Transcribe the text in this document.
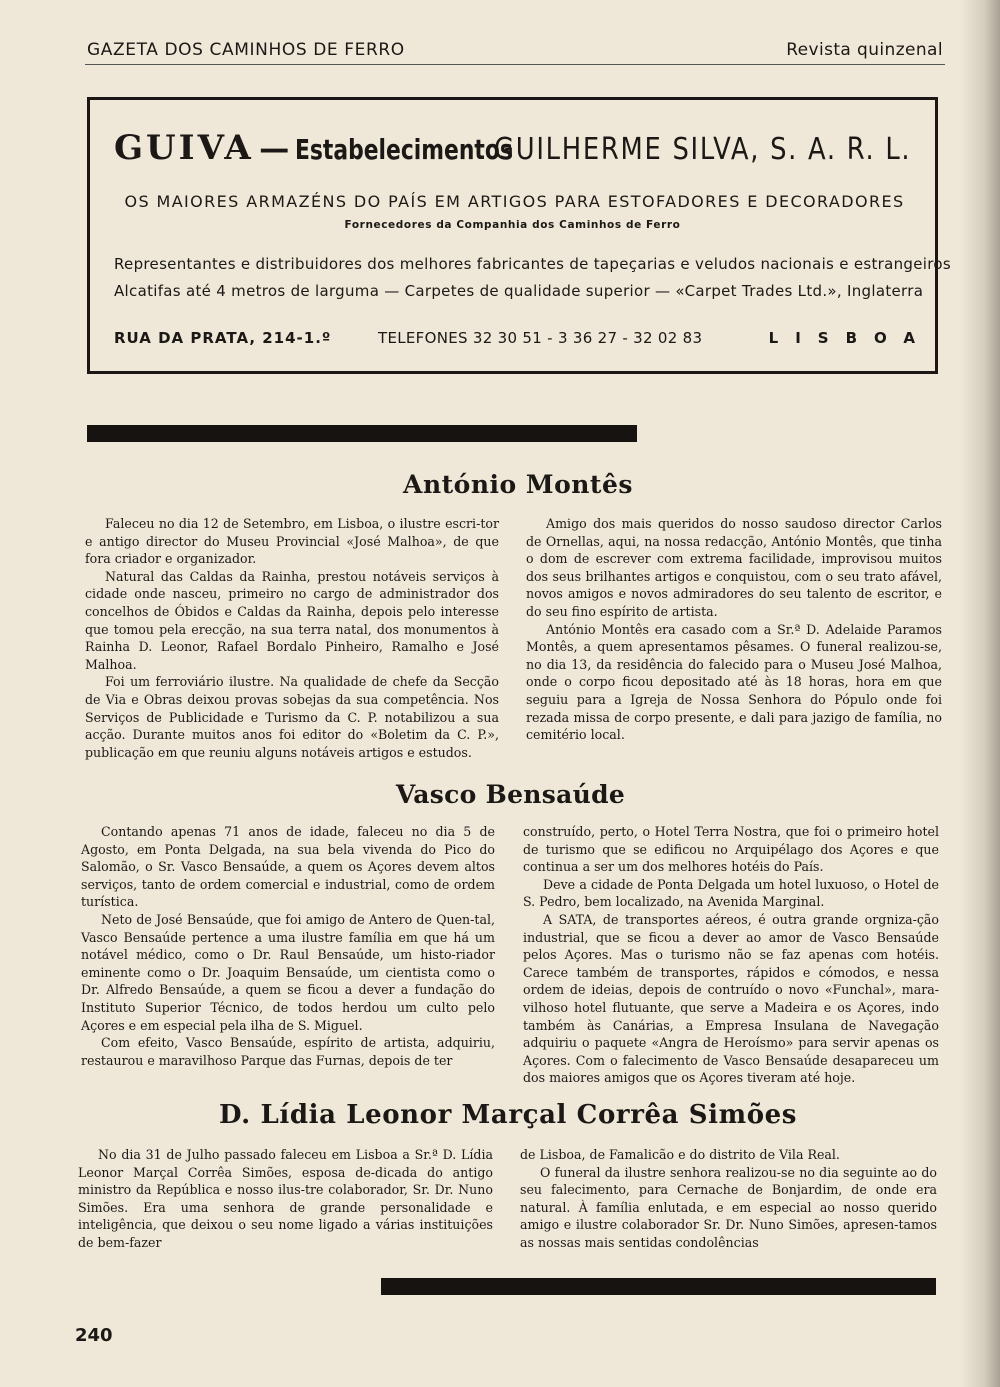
GAZETA DOS CAMINHOS DE FERRO	Revista quinzenal
GUIVA — Estabelecimentos
GUILHERME SILVA, S. A. R. L.
OS MAIORES ARMAZÉNS DO PAÍS EM ARTIGOS PARA ESTOFADORES E DECORADORES
Fornecedores da Companhia dos Caminhos de Ferro
Representantes e distribuidores dos melhores fabricantes de tapeçarias e veludos nacionais e estrangeiros
Alcatifas até 4 metros de larguma — Carpetes de qualidade superior — «Carpet Trades Ltd.», Inglaterra
RUA DA PRATA, 214-1.º	TELEFONES 32 30 51 - 3 36 27 - 32 02 83	LISBOA
António Montês

Faleceu no dia 12 de Setembro, em Lisboa, o ilustre escri-tor e antigo director do Museu Provincial «José Malhoa», de que fora criador e organizador.

Natural das Caldas da Rainha, prestou notáveis serviços à cidade onde nasceu, primeiro no cargo de administrador dos concelhos de Óbidos e Caldas da Rainha, depois pelo interesse que tomou pela erecção, na sua terra natal, dos monumentos à Rainha D. Leonor, Rafael Bordalo Pinheiro, Ramalho e José Malhoa.

Foi um ferroviário ilustre. Na qualidade de chefe da Secção de Via e Obras deixou provas sobejas da sua competência. Nos Serviços de Publicidade e Turismo da C. P. notabilizou a sua acção. Durante muitos anos foi editor do «Boletim da C. P.», publicação em que reuniu alguns notáveis artigos e estudos.

Amigo dos mais queridos do nosso saudoso director Carlos de Ornellas, aqui, na nossa redacção, António Montês, que tinha o dom de escrever com extrema facilidade, improvisou muitos dos seus brilhantes artigos e conquistou, com o seu trato afável, novos amigos e novos admiradores do seu talento de escritor, e do seu fino espírito de artista.

António Montês era casado com a Sr.ª D. Adelaide Paramos Montês, a quem apresentamos pêsames. O funeral realizou-se, no dia 13, da residência do falecido para o Museu José Malhoa, onde o corpo ficou depositado até às 18 horas, hora em que seguiu para a Igreja de Nossa Senhora do Pópulo onde foi rezada missa de corpo presente, e dali para jazigo de família, no cemitério local.

Vasco Bensaúde

Contando apenas 71 anos de idade, faleceu no dia 5 de Agosto, em Ponta Delgada, na sua bela vivenda do Pico do Salomão, o Sr. Vasco Bensaúde, a quem os Açores devem altos serviços, tanto de ordem comercial e industrial, como de ordem turística.

Neto de José Bensaúde, que foi amigo de Antero de Quen-tal, Vasco Bensaúde pertence a uma ilustre família em que há um notável médico, como o Dr. Raul Bensaúde, um histo-riador eminente como o Dr. Joaquim Bensaúde, um cientista como o Dr. Alfredo Bensaúde, a quem se ficou a dever a fundação do Instituto Superior Técnico, de todos herdou um culto pelo Açores e em especial pela ilha de S. Miguel.

Com efeito, Vasco Bensaúde, espírito de artista, adquiriu, restaurou e maravilhoso Parque das Furnas, depois de ter

construído, perto, o Hotel Terra Nostra, que foi o primeiro hotel de turismo que se edificou no Arquipélago dos Açores e que continua a ser um dos melhores hotéis do País.

Deve a cidade de Ponta Delgada um hotel luxuoso, o Hotel de S. Pedro, bem localizado, na Avenida Marginal.

A SATA, de transportes aéreos, é outra grande orgniza-ção industrial, que se ficou a dever ao amor de Vasco Bensaúde pelos Açores. Mas o turismo não se faz apenas com hotéis. Carece também de transportes, rápidos e cómodos, e nessa ordem de ideias, depois de contruído o novo «Funchal», mara-vilhoso hotel flutuante, que serve a Madeira e os Açores, indo também às Canárias, a Empresa Insulana de Navegação adquiriu o paquete «Angra de Heroísmo» para servir apenas os Açores. Com o falecimento de Vasco Bensaúde desapareceu um dos maiores amigos que os Açores tiveram até hoje.

D. Lídia Leonor Marçal Corrêa Simões

No dia 31 de Julho passado faleceu em Lisboa a Sr.ª D. Lídia Leonor Marçal Corrêa Simões, esposa de-dicada do antigo ministro da República e nosso ilus-tre colaborador, Sr. Dr. Nuno Simões. Era uma senhora de grande personalidade e inteligência, que deixou o seu nome ligado a várias instituições de bem-fazer

de Lisboa, de Famalicão e do distrito de Vila Real.

O funeral da ilustre senhora realizou-se no dia seguinte ao do seu falecimento, para Cernache de Bonjardim, de onde era natural. À família enlutada, e em especial ao nosso querido amigo e ilustre colaborador Sr. Dr. Nuno Simões, apresen-tamos as nossas mais sentidas condolências

240
